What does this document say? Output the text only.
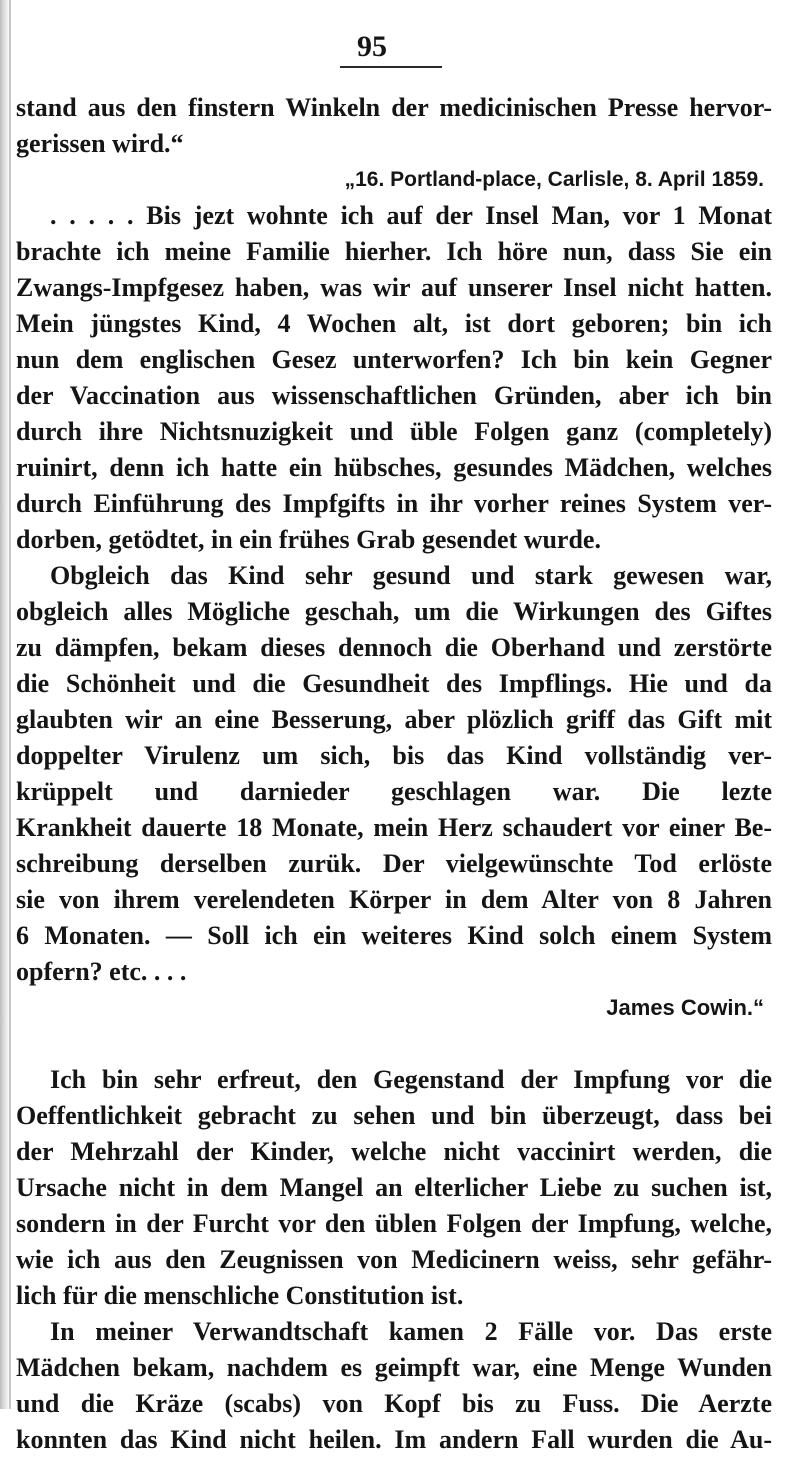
95
stand aus den finstern Winkeln der medicinischen Presse hervor-
gerissen wird.“
„16. Portland-place, Carlisle, 8. April 1859.
. . . . . Bis jezt wohnte ich auf der Insel Man, vor 1 Monat
brachte ich meine Familie hierher. Ich höre nun, dass Sie ein
Zwangs-Impfgesez haben, was wir auf unserer Insel nicht hatten.
Mein jüngstes Kind, 4 Wochen alt, ist dort geboren; bin ich
nun dem englischen Gesez unterworfen? Ich bin kein Gegner
der Vaccination aus wissenschaftlichen Gründen, aber ich bin
durch ihre Nichtsnuzigkeit und üble Folgen ganz (completely)
ruinirt, denn ich hatte ein hübsches, gesundes Mädchen, welches
durch Einführung des Impfgifts in ihr vorher reines System ver-
dorben, getödtet, in ein frühes Grab gesendet wurde.
Obgleich das Kind sehr gesund und stark gewesen war,
obgleich alles Mögliche geschah, um die Wirkungen des Giftes
zu dämpfen, bekam dieses dennoch die Oberhand und zerstörte
die Schönheit und die Gesundheit des Impflings. Hie und da
glaubten wir an eine Besserung, aber plözlich griff das Gift mit
doppelter Virulenz um sich, bis das Kind vollständig ver-
krüppelt und darnieder geschlagen war. Die lezte
Krankheit dauerte 18 Monate, mein Herz schaudert vor einer Be-
schreibung derselben zurük. Der vielgewünschte Tod erlöste
sie von ihrem verelendeten Körper in dem Alter von 8 Jahren
6 Monaten. — Soll ich ein weiteres Kind solch einem System
opfern? etc. . . .
James Cowin.“
Ich bin sehr erfreut, den Gegenstand der Impfung vor die
Oeffentlichkeit gebracht zu sehen und bin überzeugt, dass bei
der Mehrzahl der Kinder, welche nicht vaccinirt werden, die
Ursache nicht in dem Mangel an elterlicher Liebe zu suchen ist,
sondern in der Furcht vor den üblen Folgen der Impfung, welche,
wie ich aus den Zeugnissen von Medicinern weiss, sehr gefähr-
lich für die menschliche Constitution ist.
In meiner Verwandtschaft kamen 2 Fälle vor. Das erste
Mädchen bekam, nachdem es geimpft war, eine Menge Wunden
und die Kräze (scabs) von Kopf bis zu Fuss. Die Aerzte
konnten das Kind nicht heilen. Im andern Fall wurden die Au-
